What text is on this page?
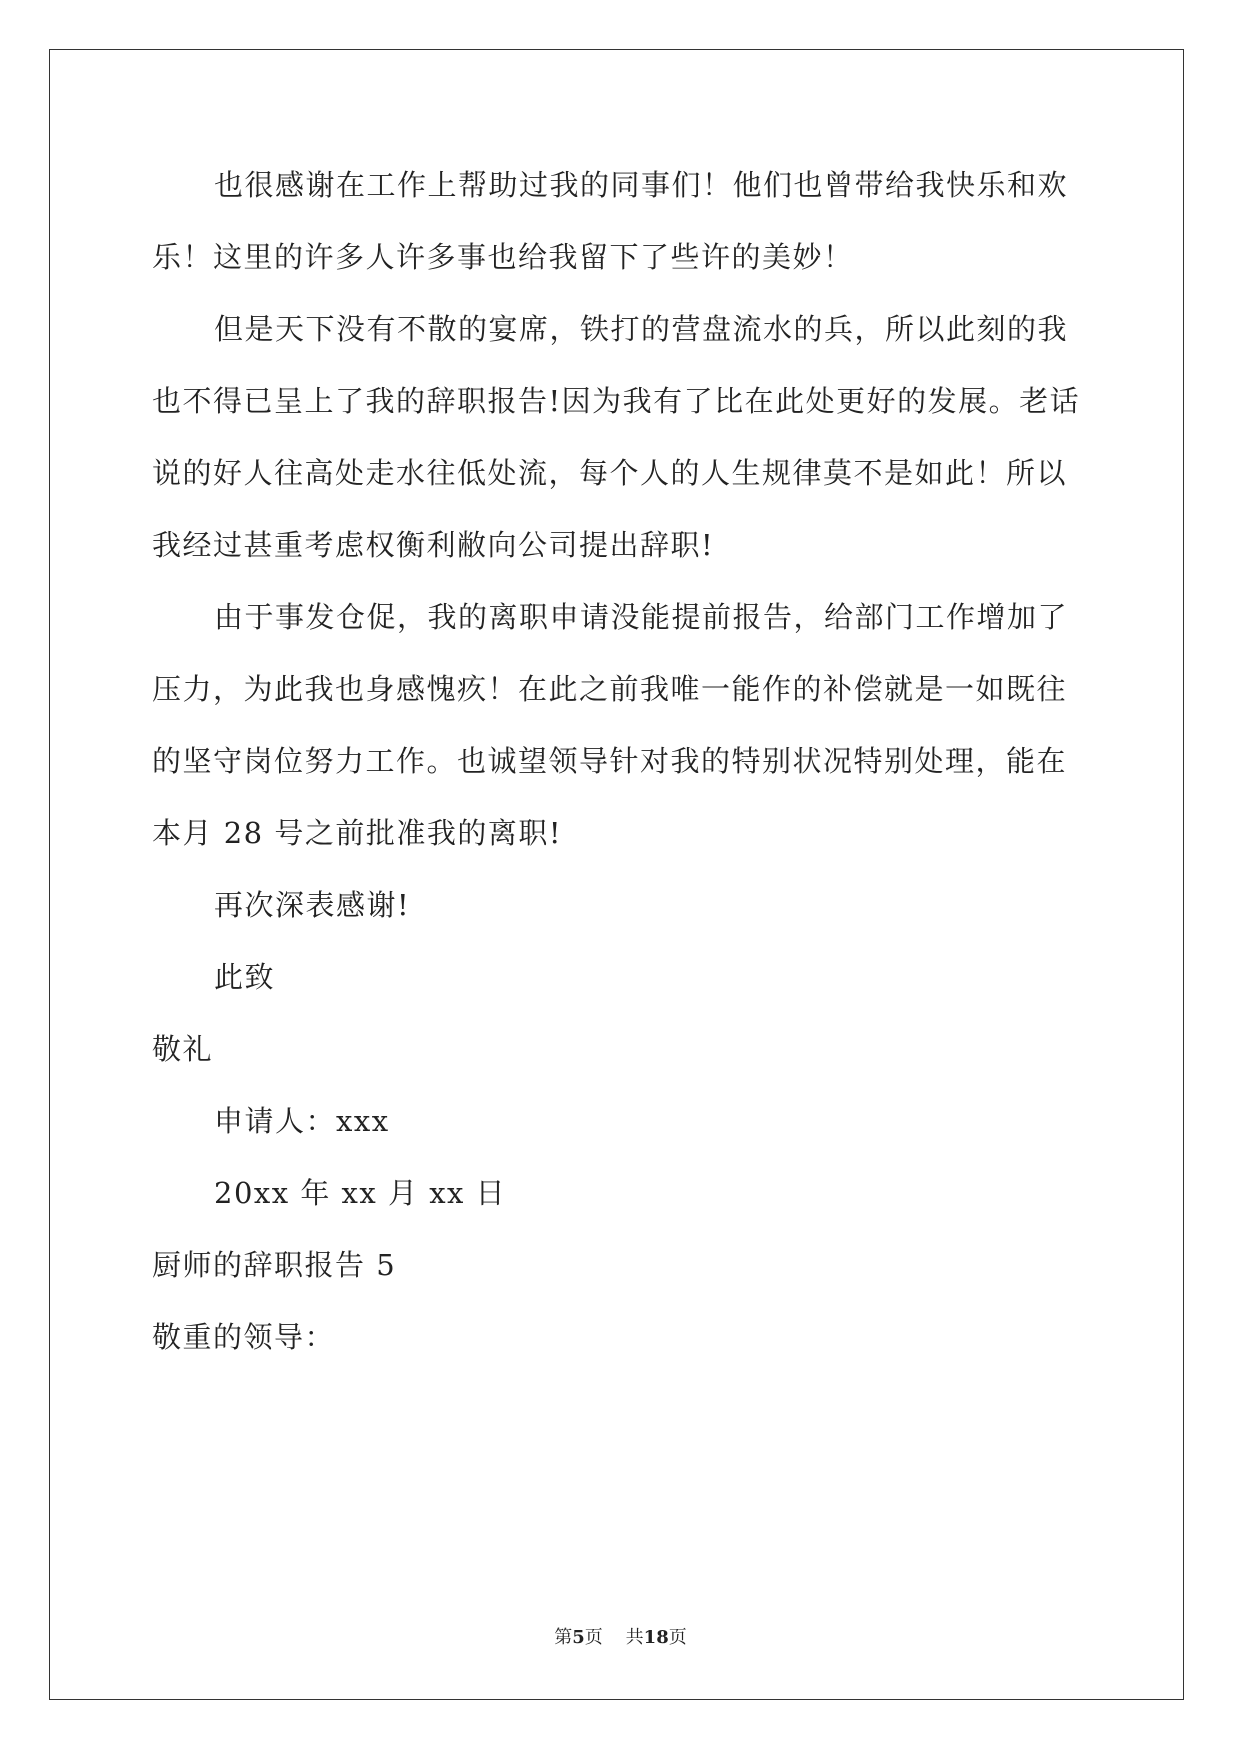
也很感谢在工作上帮助过我的同事们！他们也曾带给我快乐和欢
乐！这里的许多人许多事也给我留下了些许的美妙！
但是天下没有不散的宴席，铁打的营盘流水的兵，所以此刻的我
也不得已呈上了我的辞职报告!因为我有了比在此处更好的发展。老话
说的好人往高处走水往低处流，每个人的人生规律莫不是如此！所以
我经过甚重考虑权衡利敝向公司提出辞职!
由于事发仓促，我的离职申请没能提前报告，给部门工作增加了
压力，为此我也身感愧疚！在此之前我唯一能作的补偿就是一如既往
的坚守岗位努力工作。也诚望领导针对我的特别状况特别处理，能在
本月 28 号之前批准我的离职!
再次深表感谢!
此致
敬礼
申请人：xxx
20xx 年 xx 月 xx 日
厨师的辞职报告 5
敬重的领导：
第5页 共18页
